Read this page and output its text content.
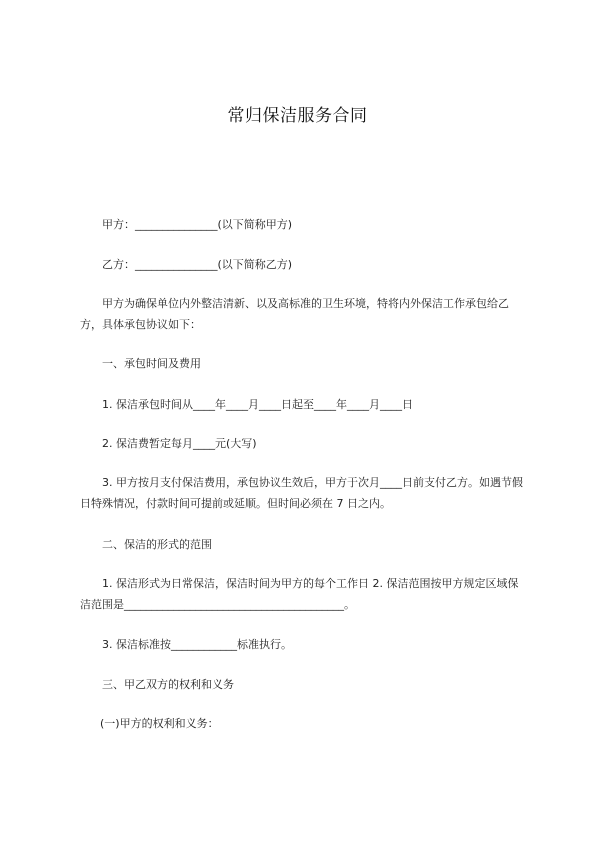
常归保洁服务合同
甲方：_______________(以下简称甲方)
乙方：_______________(以下简称乙方)
甲方为确保单位内外整洁清新、以及高标准的卫生环境，特将内外保洁工作承包给乙方，具体承包协议如下：
一、承包时间及费用
1. 保洁承包时间从____年____月____日起至____年____月____日
2. 保洁费暂定每月____元(大写)
3. 甲方按月支付保洁费用，承包协议生效后，甲方于次月____日前支付乙方。如遇节假日特殊情况，付款时间可提前或延顺。但时间必须在 7 日之内。
二、保洁的形式的范围
1. 保洁形式为日常保洁，保洁时间为甲方的每个工作日 2. 保洁范围按甲方规定区域保洁范围是________________________________________。
3. 保洁标准按____________标准执行。
三、甲乙双方的权利和义务
(一)甲方的权利和义务：
